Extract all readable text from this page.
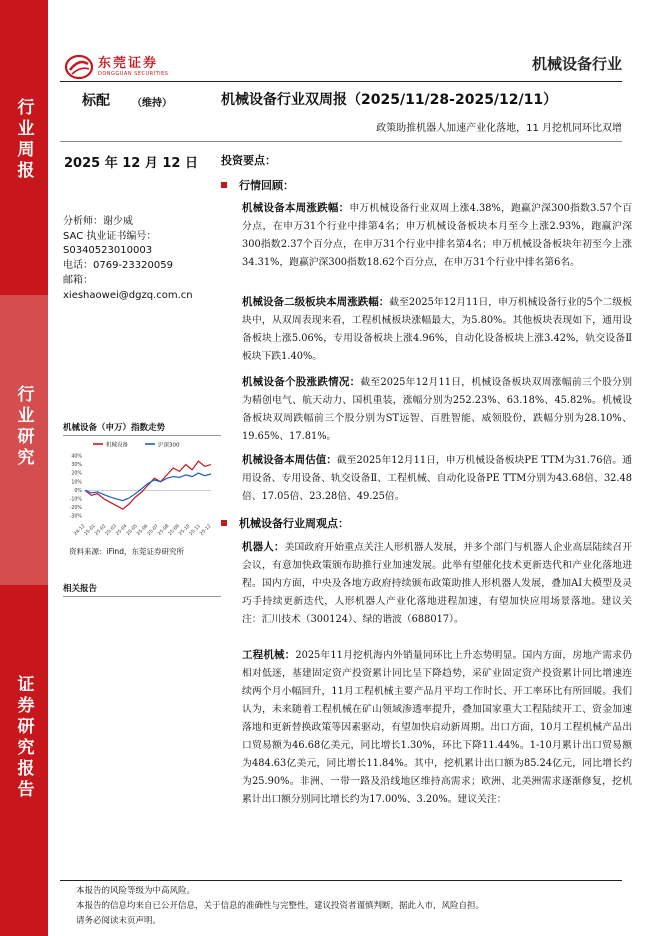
行业周报
行业研究
证券研究报告
东莞证券
DONGGUAN SECURITIES
机械设备行业
标配 （维持）	机械设备行业双周报（2025/11/28-2025/12/11）
政策助推机器人加速产业化落地，11 月挖机同环比双增
2025 年 12 月 12 日
分析师：谢少威
SAC 执业证书编号：
S0340523010003
电话：0769-23320059
邮箱：
xieshaowei@dgzq.com.cn
机械设备（申万）指数走势
机械设备	沪深300
40%
30%
20%
10%
0%
-10%
-20%
-30%
24-12
25-01
25-02
25-03
25-04
25-05
25-06
25-07
25-08
25-09
25-10
25-11
25-12
资料来源：iFind，东莞证券研究所
相关报告
投资要点：
行情回顾：
机械设备本周涨跌幅：申万机械设备行业双周上涨4.38%，跑赢沪深300指数3.57个百分点，在申万31个行业中排第4名；申万机械设备板块本月至今上涨2.93%，跑赢沪深300指数2.37个百分点，在申万31个行业中排名第4名；申万机械设备板块年初至今上涨34.31%，跑赢沪深300指数18.62个百分点，在申万31个行业中排名第6名。
机械设备二级板块本周涨跌幅：截至2025年12月11日，申万机械设备行业的5个二级板块中，从双周表现来看，工程机械板块涨幅最大，为5.80%。其他板块表现如下，通用设备板块上涨5.06%，专用设备板块上涨4.96%，自动化设备板块上涨3.42%，轨交设备Ⅱ板块下跌1.40%。
机械设备个股涨跌情况：截至2025年12月11日，机械设备板块双周涨幅前三个股分别为精创电气、航天动力、国机重装，涨幅分别为252.23%、63.18%、45.82%。机械设备板块双周跌幅前三个股分别为ST远智、百胜智能、威领股份，跌幅分别为28.10%、19.65%、17.81%。
机械设备本周估值：截至2025年12月11日，申万机械设备板块PE TTM为31.76倍。通用设备、专用设备、轨交设备Ⅱ、工程机械、自动化设备PE TTM分别为43.68倍、32.48倍、17.05倍、23.28倍、49.25倍。
机械设备行业周观点：
机器人：美国政府开始重点关注人形机器人发展，并多个部门与机器人企业高层陆续召开会议，有意加快政策颁布助推行业加速发展。此举有望催化技术更新迭代和产业化落地进程。国内方面，中央及各地方政府持续颁布政策助推人形机器人发展，叠加AI大模型及灵巧手持续更新迭代，人形机器人产业化落地进程加速，有望加快应用场景落地。建议关注：汇川技术（300124）、绿的谐波（688017）。
工程机械：2025年11月挖机海内外销量同环比上升态势明显。国内方面，房地产需求仍相对低迷，基建固定资产投资累计同比呈下降趋势，采矿业固定资产投资累计同比增速连续两个月小幅回升，11月工程机械主要产品月平均工作时长、开工率环比有所回暖。我们认为，未来随着工程机械在矿山领域渗透率提升，叠加国家重大工程陆续开工、资金加速落地和更新替换政策等因素驱动，有望加快启动新周期。出口方面，10月工程机械产品出口贸易额为46.68亿美元，同比增长1.30%，环比下降11.44%。1-10月累计出口贸易额为484.63亿美元，同比增长11.84%。其中，挖机累计出口额为85.24亿元，同比增长约为25.90%。非洲、一带一路及沿线地区维持高需求；欧洲、北美洲需求逐渐修复，挖机累计出口额分别同比增长约为17.00%、3.20%。建议关注：
本报告的风险等级为中高风险。
本报告的信息均来自已公开信息，关于信息的准确性与完整性，建议投资者谨慎判断，据此入市，风险自担。
请务必阅读末页声明。
